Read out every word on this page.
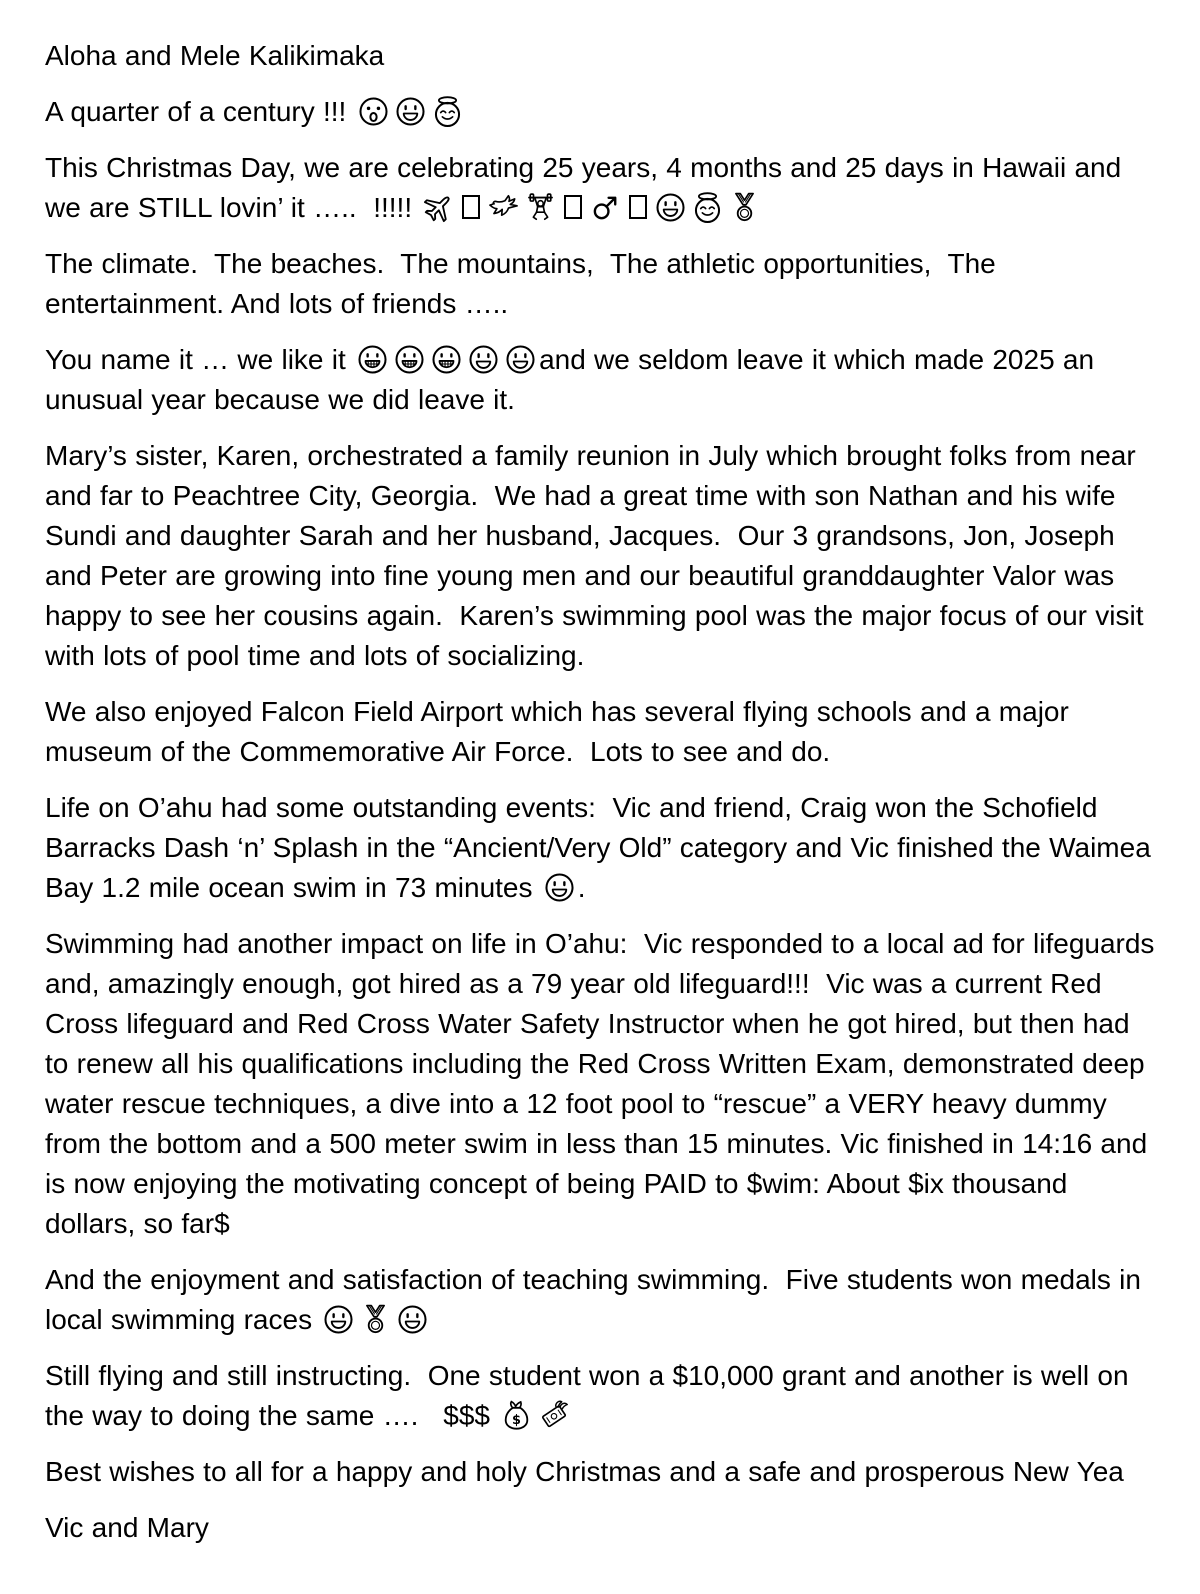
Aloha and Mele Kalikimaka

A quarter of a century !!!

This Christmas Day, we are celebrating 25 years, 4 months and 25 days in Hawaii and we are STILL lovin’ it …..  !!!!!

The climate.  The beaches.  The mountains,  The athletic opportunities,  The entertainment. And lots of friends …..

You name it … we like it	and we seldom leave it which made 2025 an unusual year because we did leave it.

Mary’s sister, Karen, orchestrated a family reunion in July which brought folks from near and far to Peachtree City, Georgia.  We had a great time with son Nathan and his wife Sundi and daughter Sarah and her husband, Jacques.  Our 3 grandsons, Jon, Joseph and Peter are growing into fine young men and our beautiful granddaughter Valor was happy to see her cousins again.  Karen’s swimming pool was the major focus of our visit with lots of pool time and lots of socializing.

We also enjoyed Falcon Field Airport which has several flying schools and a major museum of the Commemorative Air Force.  Lots to see and do.

Life on O’ahu had some outstanding events:  Vic and friend, Craig won the Schofield Barracks Dash ‘n’ Splash in the “Ancient/Very Old” category and Vic finished the Waimea Bay 1.2 mile ocean swim in 73 minutes .

Swimming had another impact on life in O’ahu:  Vic responded to a local ad for lifeguards and, amazingly enough, got hired as a 79 year old lifeguard!!!  Vic was a current Red Cross lifeguard and Red Cross Water Safety Instructor when he got hired, but then had to renew all his qualifications including the Red Cross Written Exam, demonstrated deep water rescue techniques, a dive into a 12 foot pool to “rescue” a VERY heavy dummy from the bottom and a 500 meter swim in less than 15 minutes. Vic finished in 14:16 and is now enjoying the motivating concept of being PAID to $wim: About $ix thousand dollars, so far$

And the enjoyment and satisfaction of teaching swimming.  Five students won medals in local swimming races

Still flying and still instructing.  One student won a $10,000 grant and another is well on the way to doing the same ….   $$$

Best wishes to all for a happy and holy Christmas and a safe and prosperous New Yea

Vic and Mary
